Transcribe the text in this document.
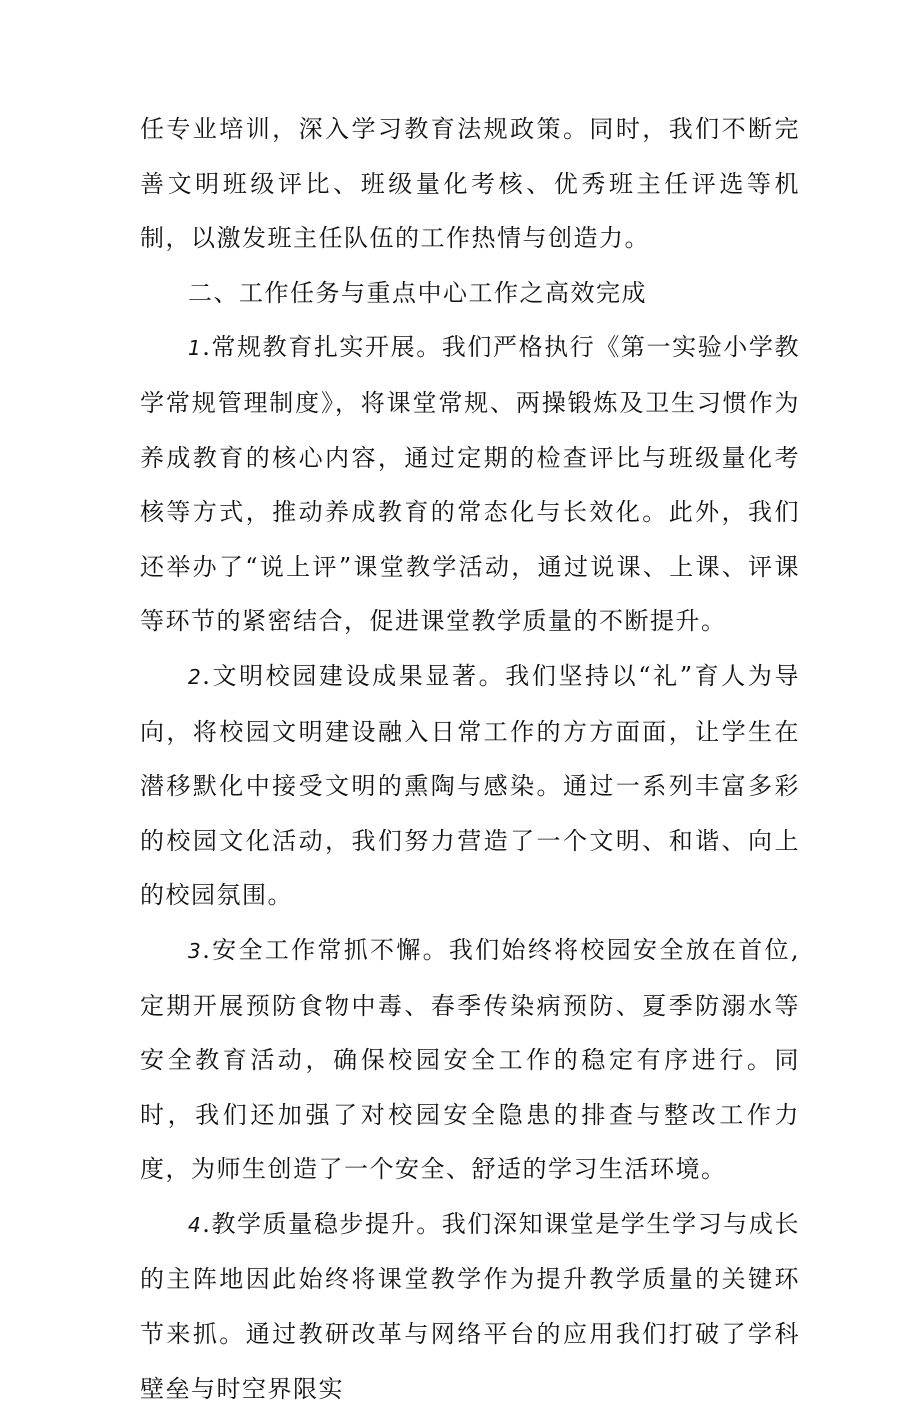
任专业培训，深入学习教育法规政策。同时，我们不断完善文明班级评比、班级量化考核、优秀班主任评选等机制，以激发班主任队伍的工作热情与创造力。

二、工作任务与重点中心工作之高效完成

1.常规教育扎实开展。我们严格执行《第一实验小学教学常规管理制度》，将课堂常规、两操锻炼及卫生习惯作为养成教育的核心内容，通过定期的检查评比与班级量化考核等方式，推动养成教育的常态化与长效化。此外，我们还举办了“说上评”课堂教学活动，通过说课、上课、评课等环节的紧密结合，促进课堂教学质量的不断提升。

2.文明校园建设成果显著。我们坚持以“礼”育人为导向，将校园文明建设融入日常工作的方方面面，让学生在潜移默化中接受文明的熏陶与感染。通过一系列丰富多彩的校园文化活动，我们努力营造了一个文明、和谐、向上的校园氛围。

3.安全工作常抓不懈。我们始终将校园安全放在首位,定期开展预防食物中毒、春季传染病预防、夏季防溺水等安全教育活动，确保校园安全工作的稳定有序进行。同时，我们还加强了对校园安全隐患的排查与整改工作力度，为师生创造了一个安全、舒适的学习生活环境。

4.教学质量稳步提升。我们深知课堂是学生学习与成长的主阵地因此始终将课堂教学作为提升教学质量的关键环节来抓。通过教研改革与网络平台的应用我们打破了学科壁垒与时空界限实
